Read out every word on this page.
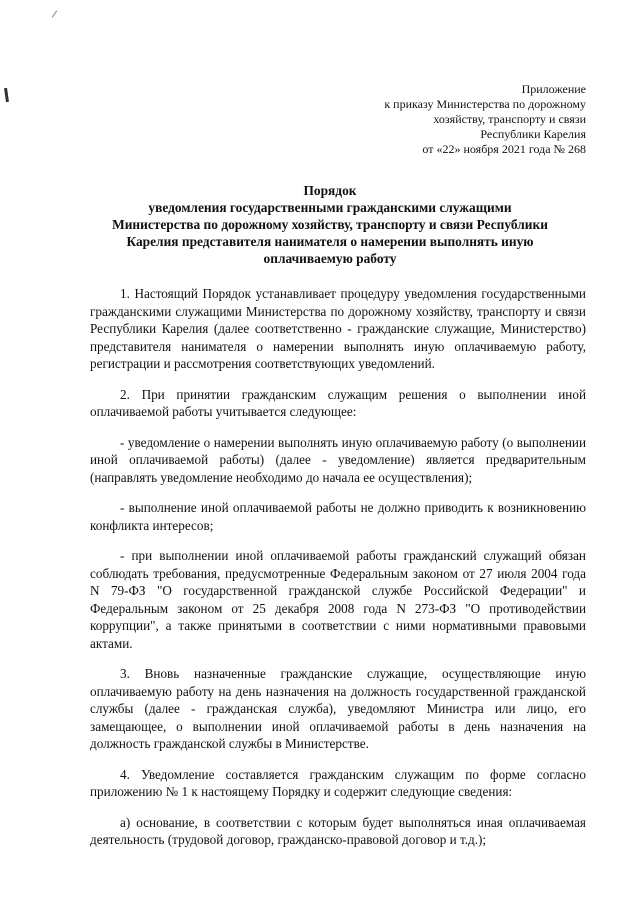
Приложение
к приказу Министерства по дорожному
хозяйству, транспорту и связи
Республики Карелия
от «22» ноября 2021 года № 268
Порядок
уведомления государственными гражданскими служащими
Министерства по дорожному хозяйству, транспорту и связи Республики
Карелия представителя нанимателя о намерении выполнять иную
оплачиваемую работу

1. Настоящий Порядок устанавливает процедуру уведомления государственными гражданскими служащими Министерства по дорожному хозяйству, транспорту и связи Республики Карелия (далее соответственно - гражданские служащие, Министерство) представителя нанимателя о намерении выполнять иную оплачиваемую работу, регистрации и рассмотрения соответствующих уведомлений.

2. При принятии гражданским служащим решения о выполнении иной оплачиваемой работы учитывается следующее:

- уведомление о намерении выполнять иную оплачиваемую работу (о выполнении иной оплачиваемой работы) (далее - уведомление) является предварительным (направлять уведомление необходимо до начала ее осуществления);

- выполнение иной оплачиваемой работы не должно приводить к возникновению конфликта интересов;

- при выполнении иной оплачиваемой работы гражданский служащий обязан соблюдать требования, предусмотренные Федеральным законом от 27 июля 2004 года N 79-ФЗ "О государственной гражданской службе Российской Федерации" и Федеральным законом от 25 декабря 2008 года N 273-ФЗ "О противодействии коррупции", а также принятыми в соответствии с ними нормативными правовыми актами.

3. Вновь назначенные гражданские служащие, осуществляющие иную оплачиваемую работу на день назначения на должность государственной гражданской службы (далее - гражданская служба), уведомляют Министра или лицо, его замещающее, о выполнении иной оплачиваемой работы в день назначения на должность гражданской службы в Министерстве.

4. Уведомление составляется гражданским служащим по форме согласно приложению № 1 к настоящему Порядку и содержит следующие сведения:

а) основание, в соответствии с которым будет выполняться иная оплачиваемая деятельность (трудовой договор, гражданско-правовой договор и т.д.);
